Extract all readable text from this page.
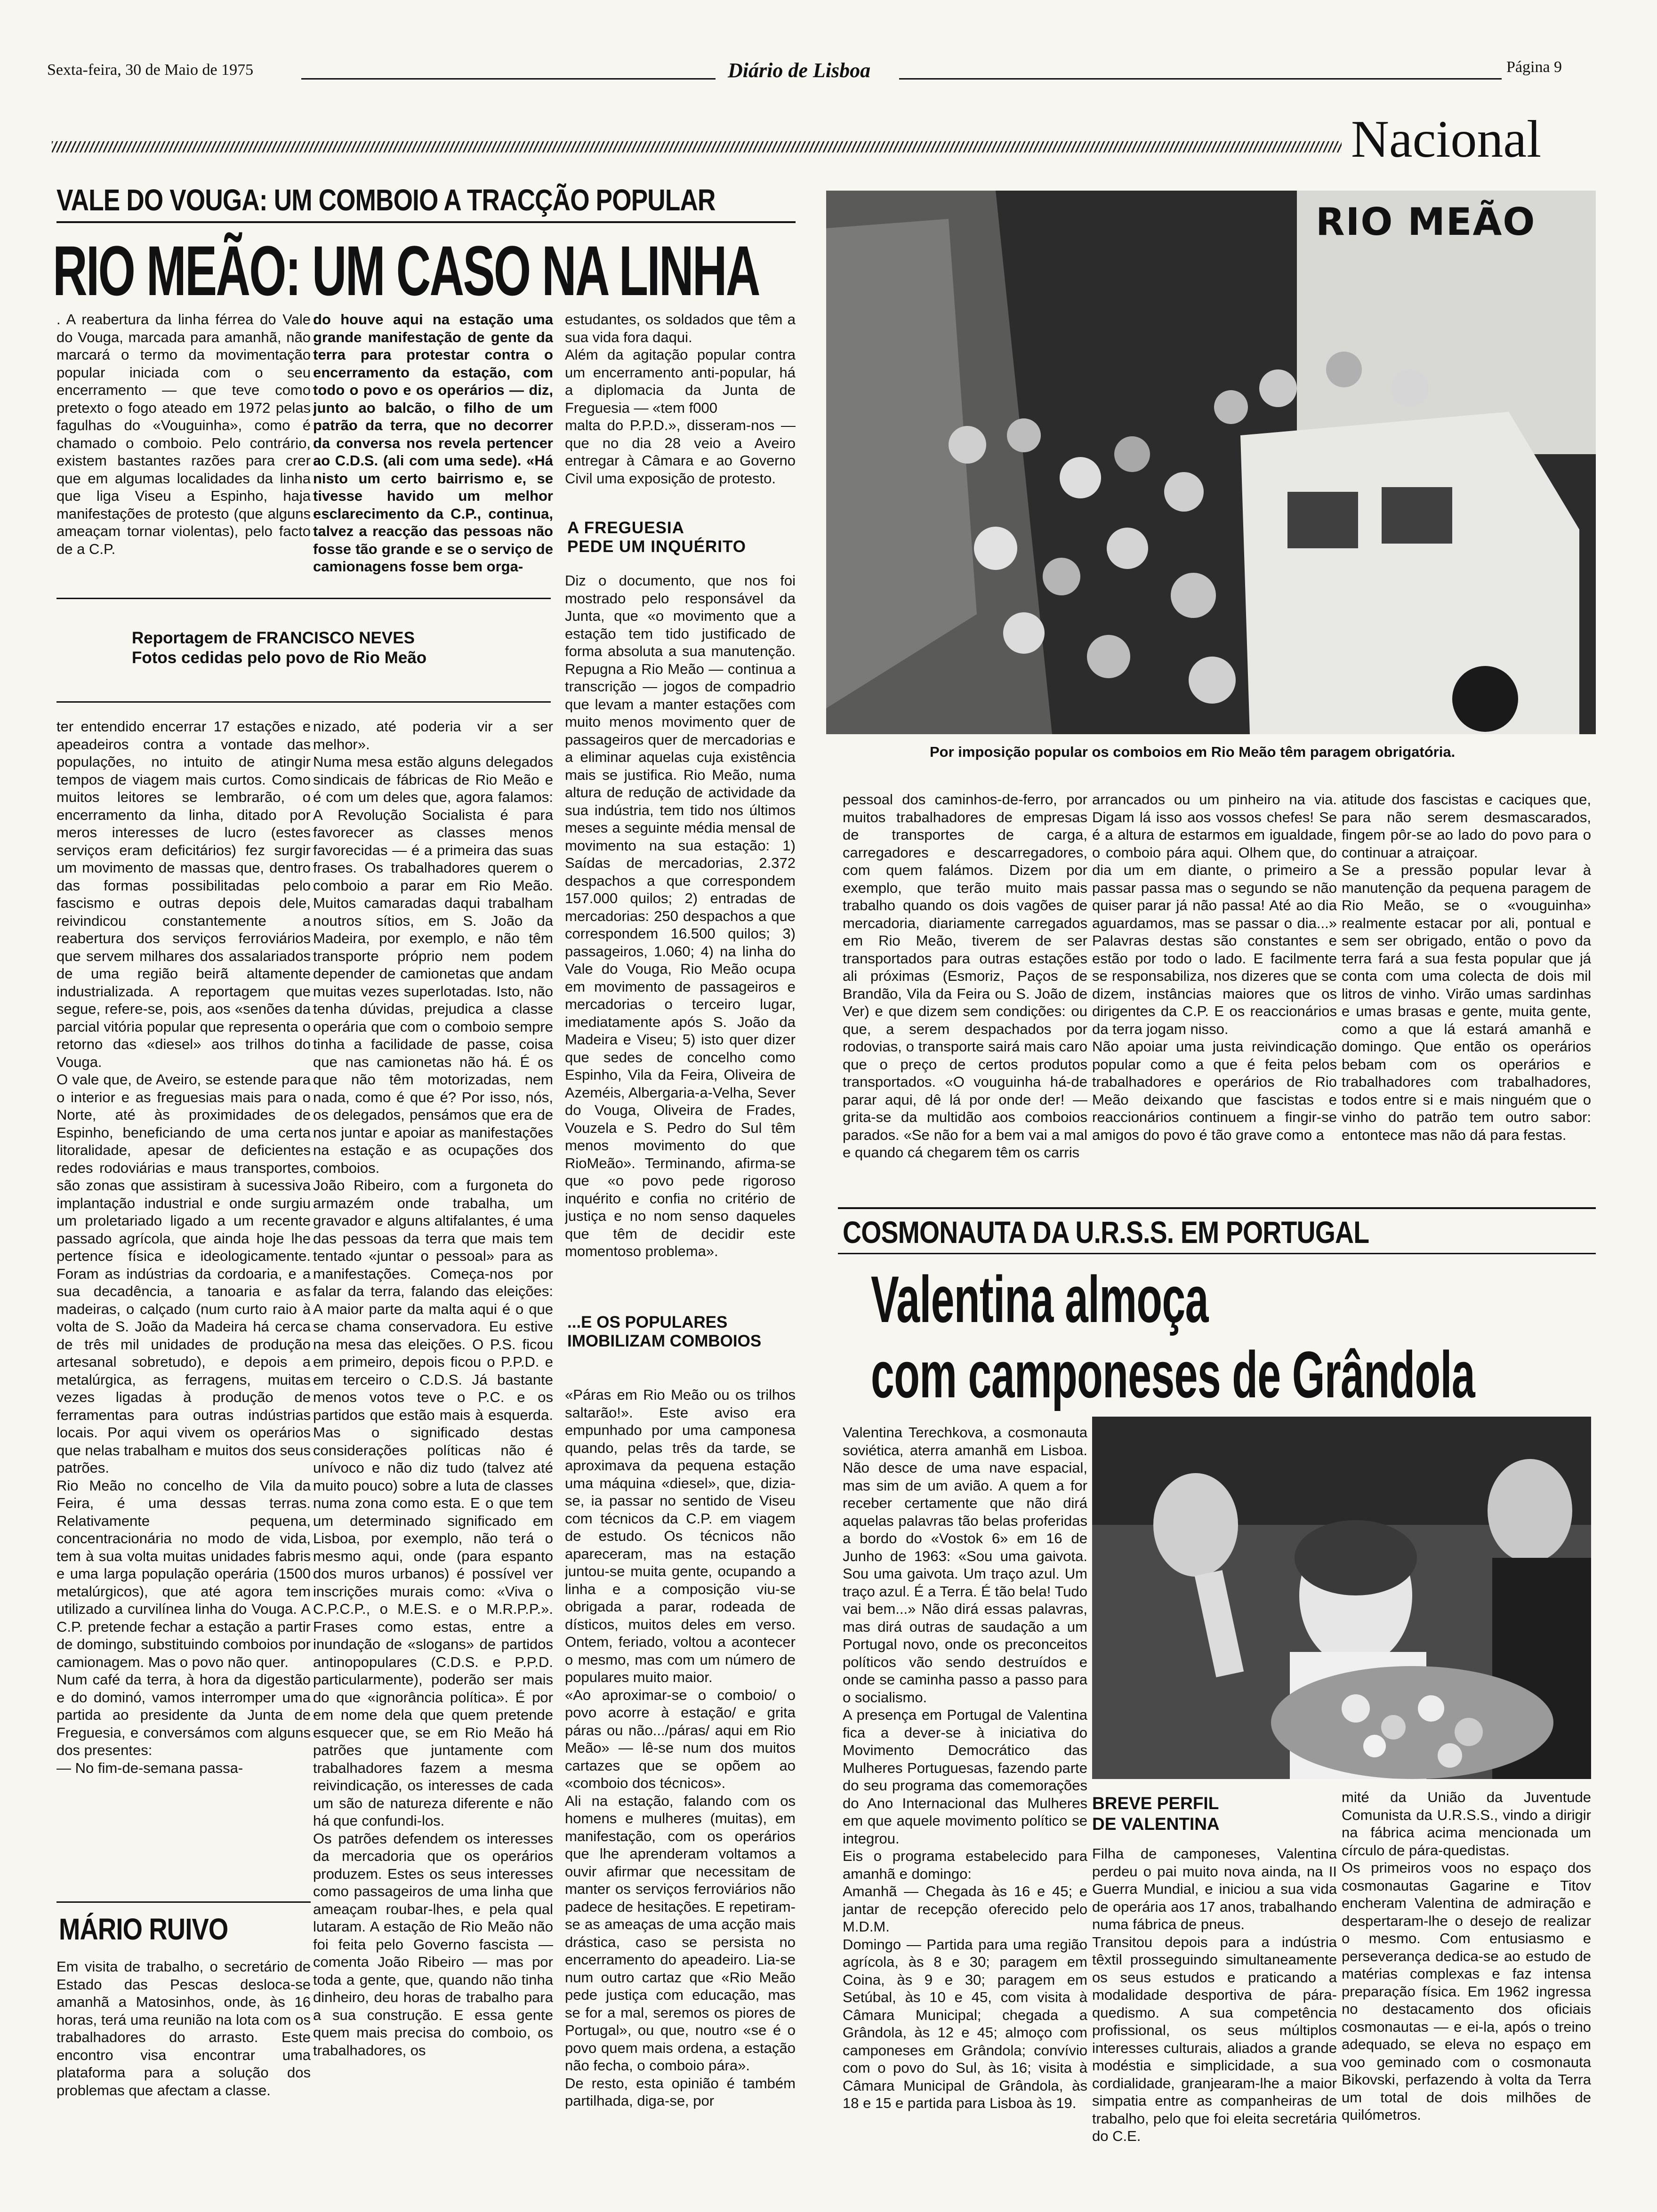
Sexta-feira, 30 de Maio de 1975	Diário de Lisboa	Página 9
Nacional
VALE DO VOUGA: UM COMBOIO A TRACÇÃO POPULAR
RIO MEÃO: UM CASO NA LINHA
. A reabertura da linha férrea do Vale do Vouga, marcada para amanhã, não marcará o termo da movimentação popular iniciada com o seu encerramento — que teve como pretexto o fogo ateado em 1972 pelas fagulhas do «Vouguinha», como é chamado o comboio. Pelo contrário, existem bastantes razões para crer que em algumas localidades da linha que liga Viseu a Espinho, haja manifestações de protesto (que alguns ameaçam tornar violentas), pelo facto de a C.P.
do houve aqui na estação uma grande manifestação de gente da terra para protestar contra o encerramento da estação, com todo o povo e os operários — diz, junto ao balcão, o filho de um patrão da terra, que no decorrer da conversa nos revela pertencer ao C.D.S. (ali com uma sede). «Há nisto um certo bairrismo e, se tivesse havido um melhor esclarecimento da C.P., continua, talvez a reacção das pessoas não fosse tão grande e se o serviço de camionagens fosse bem orga-
Reportagem de FRANCISCO NEVES
Fotos cedidas pelo povo de Rio Meão
estudantes, os soldados que têm a sua vida fora daqui.
Além da agitação popular contra um encerramento anti-popular, há a diplomacia da Junta de Freguesia — «tem f000
malta do P.P.D.», disseram-nos — que no dia 28 veio a Aveiro entregar à Câmara e ao Governo Civil uma exposição de protesto.
A FREGUESIA
PEDE UM INQUÉRITO
Diz o documento, que nos foi mostrado pelo responsável da Junta, que «o movimento que a estação tem tido justificado de forma absoluta a sua manutenção. Repugna a Rio Meão — continua a transcrição — jogos de compadrio que levam a manter estações com muito menos movimento quer de passageiros quer de mercadorias e a eliminar aquelas cuja existência mais se justifica. Rio Meão, numa altura de redução de actividade da sua indústria, tem tido nos últimos meses a seguinte média mensal de movimento na sua estação: 1) Saídas de mercadorias, 2.372 despachos a que correspondem 157.000 quilos; 2) entradas de mercadorias: 250 despachos a que correspondem 16.500 quilos; 3) passageiros, 1.060; 4) na linha do Vale do Vouga, Rio Meão ocupa em movimento de passageiros e mercadorias o terceiro lugar, imediatamente após S. João da Madeira e Viseu; 5) isto quer dizer que sedes de concelho como Espinho, Vila da Feira, Oliveira de Azeméis, Albergaria-a-Velha, Sever do Vouga, Oliveira de Frades, Vouzela e S. Pedro do Sul têm menos movimento do que RioMeão». Terminando, afirma-se que «o povo pede rigoroso inquérito e confia no critério de justiça e no nom senso daqueles que têm de decidir este momentoso problema».
...E OS POPULARES IMOBILIZAM COMBOIOS
«Páras em Rio Meão ou os trilhos saltarão!». Este aviso era empunhado por uma camponesa quando, pelas três da tarde, se aproximava da pequena estação uma máquina «diesel», que, dizia-se, ia passar no sentido de Viseu com técnicos da C.P. em viagem de estudo. Os técnicos não apareceram, mas na estação juntou-se muita gente, ocupando a linha e a composição viu-se obrigada a parar, rodeada de dísticos, muitos deles em verso. Ontem, feriado, voltou a acontecer o mesmo, mas com um número de populares muito maior.
«Ao aproximar-se o comboio/ o povo acorre à estação/ e grita páras ou não.../páras/ aqui em Rio Meão» — lê-se num dos muitos cartazes que se opõem ao «comboio dos técnicos».
Ali na estação, falando com os homens e mulheres (muitas), em manifestação, com os operários que lhe aprenderam voltamos a ouvir afirmar que necessitam de manter os serviços ferroviários não padece de hesitações. E repetiram-se as ameaças de uma acção mais drástica, caso se persista no encerramento do apeadeiro. Lia-se num outro cartaz que «Rio Meão pede justiça com educação, mas se for a mal, seremos os piores de Portugal», ou que, noutro «se é o povo quem mais ordena, a estação não fecha, o comboio pára».
De resto, esta opinião é também partilhada, diga-se, por
ter entendido encerrar 17 estações e apeadeiros contra a vontade das populações, no intuito de atingir tempos de viagem mais curtos. Como muitos leitores se lembrarão, o encerramento da linha, ditado por meros interesses de lucro (estes serviços eram deficitários) fez surgir um movimento de massas que, dentro das formas possibilitadas pelo fascismo e outras depois dele, reivindicou constantemente a reabertura dos serviços ferroviários que servem milhares dos assalariados de uma região beirã altamente industrializada. A reportagem que segue, refere-se, pois, aos «senões da parcial vitória popular que representa o retorno das «diesel» aos trilhos do Vouga.
O vale que, de Aveiro, se estende para o interior e as freguesias mais para o Norte, até às proximidades de Espinho, beneficiando de uma certa litoralidade, apesar de deficientes redes rodoviárias e maus transportes, são zonas que assistiram à sucessiva implantação industrial e onde surgiu um proletariado ligado a um recente passado agrícola, que ainda hoje lhe pertence física e ideologicamente. Foram as indústrias da cordoaria, e a sua decadência, a tanoaria e as madeiras, o calçado (num curto raio à volta de S. João da Madeira há cerca de três mil unidades de produção artesanal sobretudo), e depois a metalúrgica, as ferragens, muitas vezes ligadas à produção de ferramentas para outras indústrias locais. Por aqui vivem os operários que nelas trabalham e muitos dos seus patrões.
Rio Meão no concelho de Vila da Feira, é uma dessas terras. Relativamente pequena, concentracionária no modo de vida, tem à sua volta muitas unidades fabris e uma larga população operária (1500 metalúrgicos), que até agora tem utilizado a curvilínea linha do Vouga. A C.P. pretende fechar a estação a partir de domingo, substituindo comboios por camionagem. Mas o povo não quer.
Num café da terra, à hora da digestão e do dominó, vamos interromper uma partida ao presidente da Junta de Freguesia, e conversámos com alguns dos presentes:
— No fim-de-semana passa-
nizado, até poderia vir a ser melhor».
Numa mesa estão alguns delegados sindicais de fábricas de Rio Meão e é com um deles que, agora falamos: A Revolução Socialista é para favorecer as classes menos favorecidas — é a primeira das suas frases. Os trabalhadores querem o comboio a parar em Rio Meão. Muitos camaradas daqui trabalham noutros sítios, em S. João da Madeira, por exemplo, e não têm transporte próprio nem podem depender de camionetas que andam muitas vezes superlotadas. Isto, não tenha dúvidas, prejudica a classe operária que com o comboio sempre tinha a facilidade de passe, coisa que nas camionetas não há. É os que não têm motorizadas, nem nada, como é que é? Por isso, nós, os delegados, pensámos que era de nos juntar e apoiar as manifestações na estação e as ocupações dos comboios.
João Ribeiro, com a furgoneta do armazém onde trabalha, um gravador e alguns altifalantes, é uma das pessoas da terra que mais tem tentado «juntar o pessoal» para as manifestações. Começa-nos por falar da terra, falando das eleições: A maior parte da malta aqui é o que se chama conservadora. Eu estive na mesa das eleições. O P.S. ficou em primeiro, depois ficou o P.P.D. e em terceiro o C.D.S. Já bastante menos votos teve o P.C. e os partidos que estão mais à esquerda. Mas o significado destas considerações políticas não é unívoco e não diz tudo (talvez até muito pouco) sobre a luta de classes numa zona como esta. E o que tem um determinado significado em Lisboa, por exemplo, não terá o mesmo aqui, onde (para espanto dos muros urbanos) é possível ver inscrições murais como: «Viva o C.P.C.P., o M.E.S. e o M.R.P.P.». Frases como estas, entre a inundação de «slogans» de partidos antinopopulares (C.D.S. e P.P.D. particularmente), poderão ser mais do que «ignorância política». É por em nome dela que quem pretende esquecer que, se em Rio Meão há patrões que juntamente com trabalhadores fazem a mesma reivindicação, os interesses de cada um são de natureza diferente e não há que confundi-los.
Os patrões defendem os interesses da mercadoria que os operários produzem. Estes os seus interesses como passageiros de uma linha que ameaçam roubar-lhes, e pela qual lutaram. A estação de Rio Meão não foi feita pelo Governo fascista — comenta João Ribeiro — mas por toda a gente, que, quando não tinha dinheiro, deu horas de trabalho para a sua construção. E essa gente quem mais precisa do comboio, os trabalhadores, os
MÁRIO RUIVO
Em visita de trabalho, o secretário de Estado das Pescas desloca-se amanhã a Matosinhos, onde, às 16 horas, terá uma reunião na lota com os trabalhadores do arrasto. Este encontro visa encontrar uma plataforma para a solução dos problemas que afectam a classe.
RIO MEÃO
Por imposição popular os comboios em Rio Meão têm paragem obrigatória.
pessoal dos caminhos-de-ferro, por muitos trabalhadores de empresas de transportes de carga, carregadores e descarregadores, com quem falámos. Dizem por exemplo, que terão muito mais trabalho quando os dois vagões de mercadoria, diariamente carregados em Rio Meão, tiverem de ser transportados para outras estações ali próximas (Esmoriz, Paços de Brandão, Vila da Feira ou S. João de Ver) e que dizem sem condições: ou que, a serem despachados por rodovias, o transporte sairá mais caro que o preço de certos produtos transportados. «O vouguinha há-de parar aqui, dê lá por onde der! — grita-se da multidão aos comboios parados. «Se não for a bem vai a mal e quando cá chegarem têm os carris
arrancados ou um pinheiro na via. Digam lá isso aos vossos chefes! Se é a altura de estarmos em igualdade, o comboio pára aqui. Olhem que, do dia um em diante, o primeiro a passar passa mas o segundo se não quiser parar já não passa! Até ao dia aguardamos, mas se passar o dia...» Palavras destas são constantes e estão por todo o lado. E facilmente se responsabiliza, nos dizeres que se dizem, instâncias maiores que os dirigentes da C.P. E os reaccionários da terra jogam nisso.
Não apoiar uma justa reivindicação popular como a que é feita pelos trabalhadores e operários de Rio Meão deixando que fascistas e reaccionários continuem a fingir-se amigos do povo é tão grave como a
atitude dos fascistas e caciques que, para não serem desmascarados, fingem pôr-se ao lado do povo para o continuar a atraiçoar.
Se a pressão popular levar à manutenção da pequena paragem de Rio Meão, se o «vouguinha» realmente estacar por ali, pontual e sem ser obrigado, então o povo da terra fará a sua festa popular que já conta com uma colecta de dois mil litros de vinho. Virão umas sardinhas e umas brasas e gente, muita gente, como a que lá estará amanhã e domingo. Que então os operários bebam com os operários e trabalhadores com trabalhadores, todos entre si e mais ninguém que o vinho do patrão tem outro sabor: entontece mas não dá para festas.
COSMONAUTA DA U.R.S.S. EM PORTUGAL
Valentina almoça
com camponeses de Grândola
Valentina Terechkova, a cosmonauta soviética, aterra amanhã em Lisboa. Não desce de uma nave espacial, mas sim de um avião. A quem a for receber certamente que não dirá aquelas palavras tão belas proferidas a bordo do «Vostok 6» em 16 de Junho de 1963: «Sou uma gaivota. Sou uma gaivota. Um traço azul. Um traço azul. É a Terra. É tão bela! Tudo vai bem...» Não dirá essas palavras, mas dirá outras de saudação a um Portugal novo, onde os preconceitos políticos vão sendo destruídos e onde se caminha passo a passo para o socialismo.
A presença em Portugal de Valentina fica a dever-se à iniciativa do Movimento Democrático das Mulheres Portuguesas, fazendo parte do seu programa das comemorações do Ano Internacional das Mulheres em que aquele movimento político se integrou.
Eis o programa estabelecido para amanhã e domingo:
Amanhã — Chegada às 16 e 45; e jantar de recepção oferecido pelo M.D.M.
Domingo — Partida para uma região agrícola, às 8 e 30; paragem em Coina, às 9 e 30; paragem em Setúbal, às 10 e 45, com visita à Câmara Municipal; chegada a Grândola, às 12 e 45; almoço com camponeses em Grândola; convívio com o povo do Sul, às 16; visita à Câmara Municipal de Grândola, às 18 e 15 e partida para Lisboa às 19.
BREVE PERFIL
DE VALENTINA
Filha de camponeses, Valentina perdeu o pai muito nova ainda, na II Guerra Mundial, e iniciou a sua vida de operária aos 17 anos, trabalhando numa fábrica de pneus.
Transitou depois para a indústria têxtil prosseguindo simultaneamente os seus estudos e praticando a modalidade desportiva de pára-quedismo. A sua competência profissional, os seus múltiplos interesses culturais, aliados a grande modéstia e simplicidade, a sua cordialidade, granjearam-lhe a maior simpatia entre as companheiras de trabalho, pelo que foi eleita secretária do C.E.
mité da União da Juventude Comunista da U.R.S.S., vindo a dirigir na fábrica acima mencionada um círculo de pára-quedistas.
Os primeiros voos no espaço dos cosmonautas Gagarine e Titov encheram Valentina de admiração e despertaram-lhe o desejo de realizar o mesmo. Com entusiasmo e perseverança dedica-se ao estudo de matérias complexas e faz intensa preparação física. Em 1962 ingressa no destacamento dos oficiais cosmonautas — e ei-la, após o treino adequado, se eleva no espaço em voo geminado com o cosmonauta Bikovski, perfazendo à volta da Terra um total de dois milhões de quilómetros.
